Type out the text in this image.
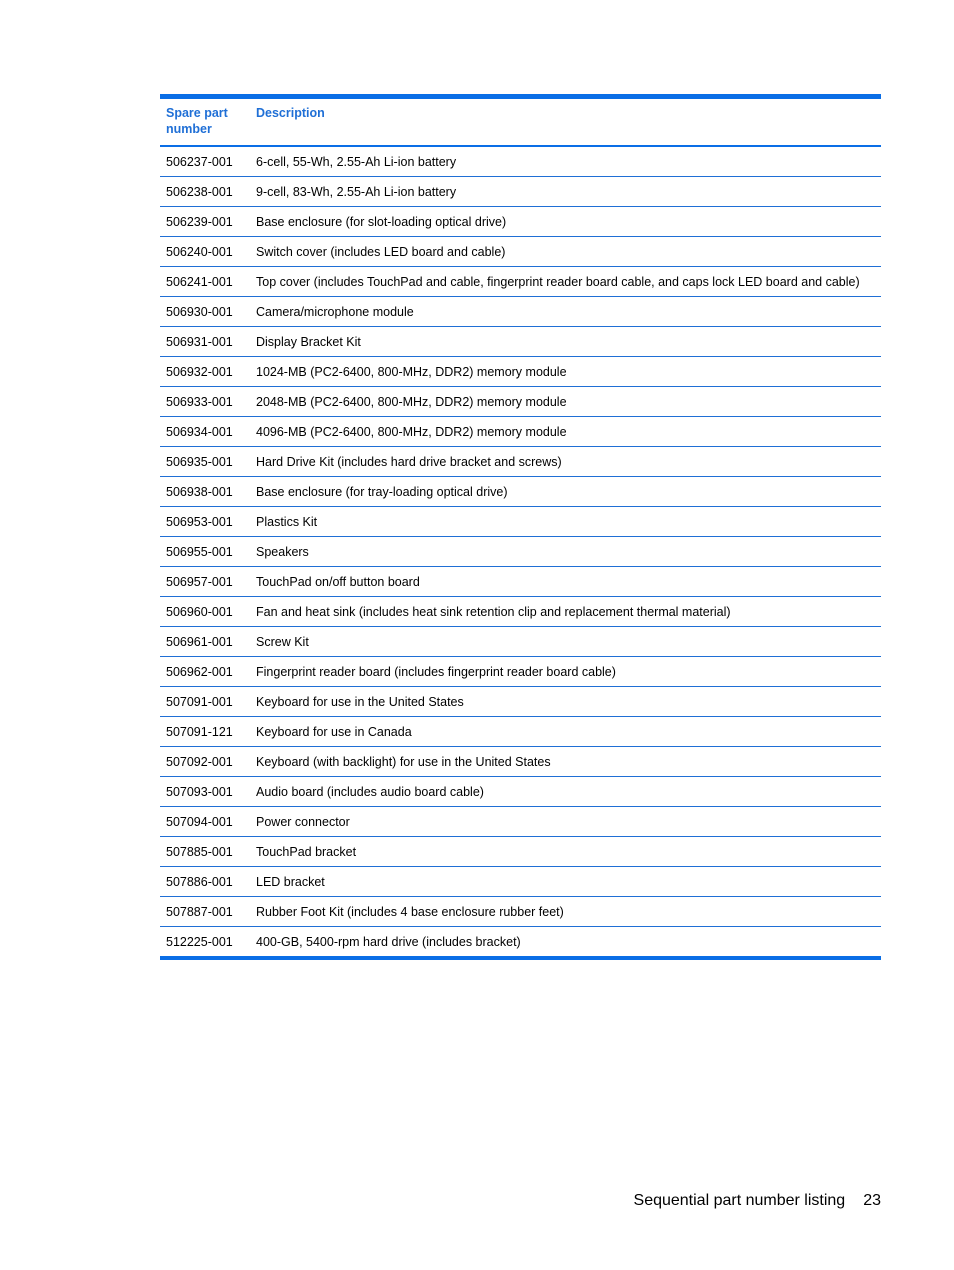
Spare part number	Description
506237-001	6-cell, 55-Wh, 2.55-Ah Li-ion battery
506238-001	9-cell, 83-Wh, 2.55-Ah Li-ion battery
506239-001	Base enclosure (for slot-loading optical drive)
506240-001	Switch cover (includes LED board and cable)
506241-001	Top cover (includes TouchPad and cable, fingerprint reader board cable, and caps lock LED board and cable)
506930-001	Camera/microphone module
506931-001	Display Bracket Kit
506932-001	1024-MB (PC2-6400, 800-MHz, DDR2) memory module
506933-001	2048-MB (PC2-6400, 800-MHz, DDR2) memory module
506934-001	4096-MB (PC2-6400, 800-MHz, DDR2) memory module
506935-001	Hard Drive Kit (includes hard drive bracket and screws)
506938-001	Base enclosure (for tray-loading optical drive)
506953-001	Plastics Kit
506955-001	Speakers
506957-001	TouchPad on/off button board
506960-001	Fan and heat sink (includes heat sink retention clip and replacement thermal material)
506961-001	Screw Kit
506962-001	Fingerprint reader board (includes fingerprint reader board cable)
507091-001	Keyboard for use in the United States
507091-121	Keyboard for use in Canada
507092-001	Keyboard (with backlight) for use in the United States
507093-001	Audio board (includes audio board cable)
507094-001	Power connector
507885-001	TouchPad bracket
507886-001	LED bracket
507887-001	Rubber Foot Kit (includes 4 base enclosure rubber feet)
512225-001	400-GB, 5400-rpm hard drive (includes bracket)
Sequential part number listing 23
